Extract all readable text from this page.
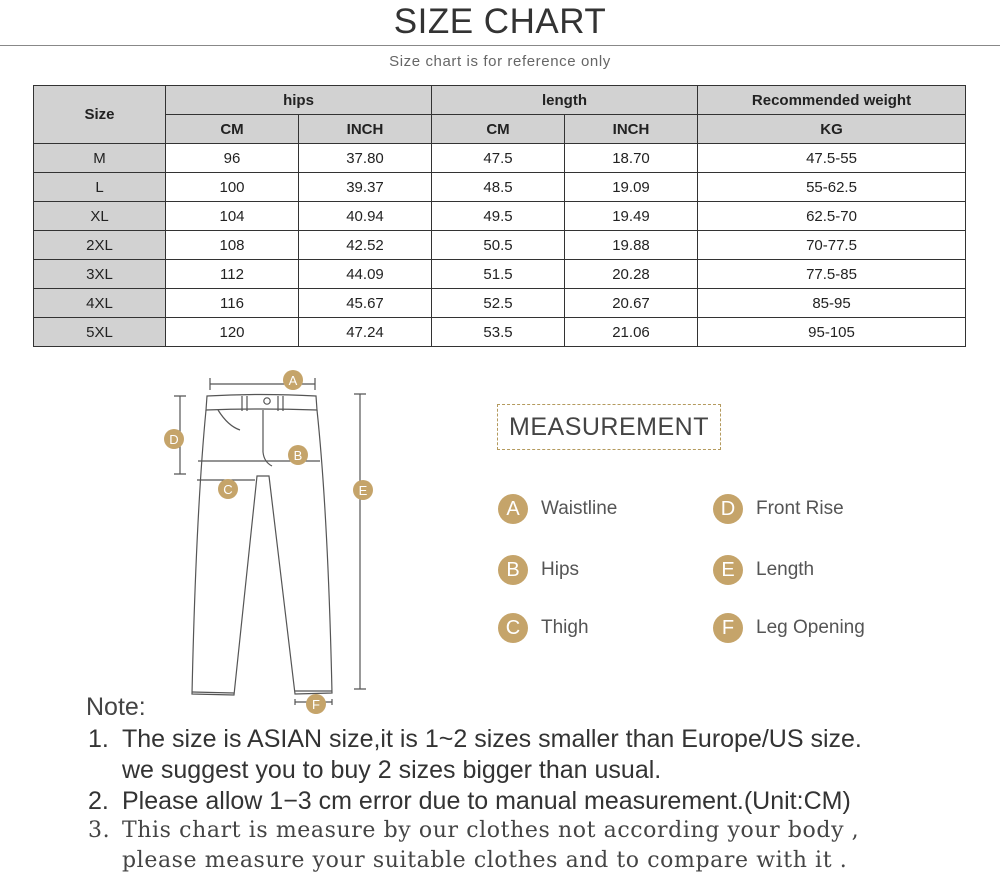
SIZE CHART
Size chart is for reference only
Size	hips		length		Recommended weight
	CM	INCH	CM	INCH	KG
M	96	37.80	47.5	18.70	47.5-55
L	100	39.37	48.5	19.09	55-62.5
XL	104	40.94	49.5	19.49	62.5-70
2XL	108	42.52	50.5	19.88	70-77.5
3XL	112	44.09	51.5	20.28	77.5-85
4XL	116	45.67	52.5	20.67	85-95
5XL	120	47.24	53.5	21.06	95-105
A
B
C
D
E
F
MEASUREMENT
A	Waistline
B	Hips
C	Thigh
D	Front Rise
E	Length
F	Leg Opening
Note:
1. The size is ASIAN size,it is 1~2 sizes smaller than Europe/US size.
we suggest you to buy 2 sizes bigger than usual.
2. Please allow 1−3 cm error due to manual measurement.(Unit:CM)
3. This chart is measure by our clothes not according your body ,
please measure your suitable clothes and to compare with it .
